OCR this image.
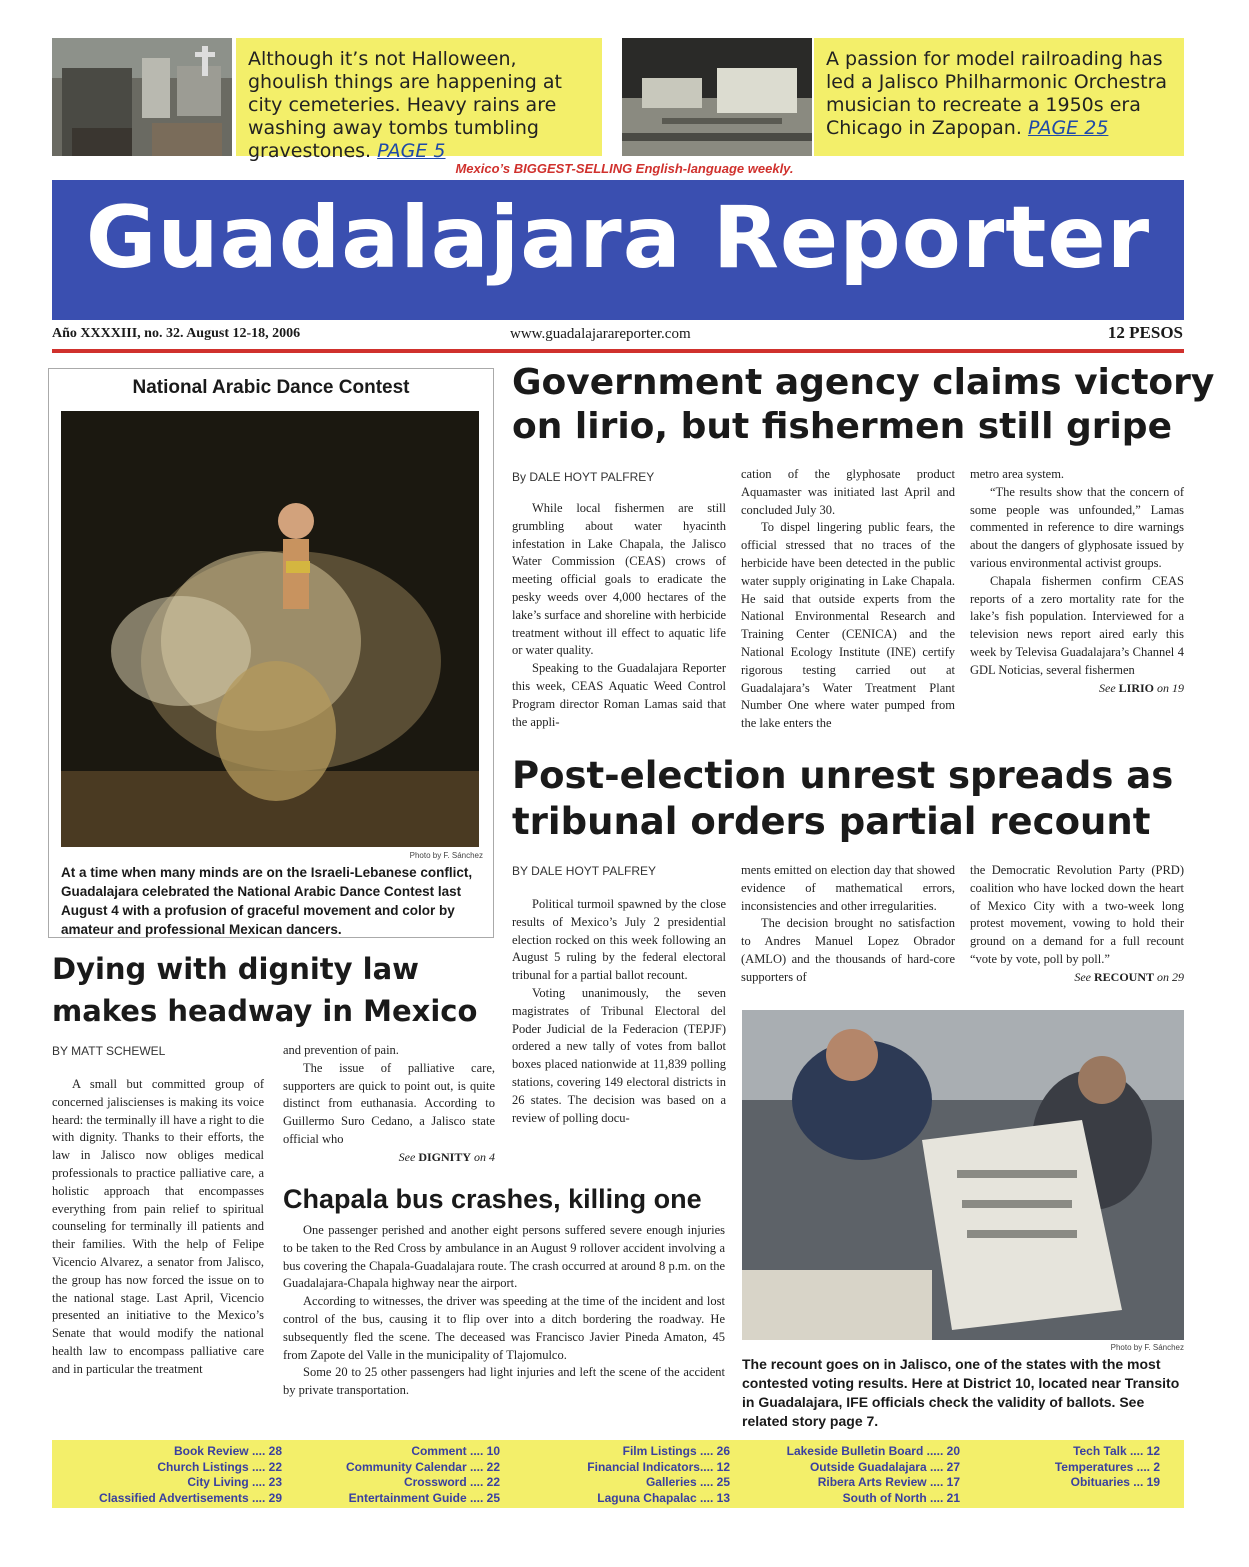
Although it’s not Halloween, ghoulish things are happening at city cemeteries. Heavy rains are washing away tombs tumbling gravestones. PAGE 5
A passion for model railroading has led a Jalisco Philharmonic Orchestra musician to recreate a 1950s era Chicago in Zapopan. PAGE 25
Mexico’s BIGGEST-SELLING English-language weekly.
Guadalajara Reporter
Año XXXXIII, no. 32. August 12-18, 2006	www.guadalajarareporter.com	12 PESOS
National Arabic Dance Contest
Photo by F. Sánchez
At a time when many minds are on the Israeli-Lebanese conflict, Guadalajara celebrated the National Arabic Dance Contest last August 4 with a profusion of graceful movement and color by amateur and professional Mexican dancers.
Government agency claims victory
on lirio, but fishermen still gripe
By DALE HOYT PALFREY

While local fishermen are still grumbling about water hyacinth infestation in Lake Chapala, the Jalisco Water Commission (CEAS) crows of meeting official goals to eradicate the pesky weeds over 4,000 hectares of the lake’s surface and shoreline with herbicide treatment without ill effect to aquatic life or water quality.

Speaking to the Guadalajara Reporter this week, CEAS Aquatic Weed Control Program director Roman Lamas said that the appli-

cation of the glyphosate product Aquamaster was initiated last April and concluded July 30.

To dispel lingering public fears, the official stressed that no traces of the herbicide have been detected in the public water supply originating in Lake Chapala. He said that outside experts from the National Environmental Research and Training Center (CENICA) and the National Ecology Institute (INE) certify rigorous testing carried out at Guadalajara’s Water Treatment Plant Number One where water pumped from the lake enters the

metro area system.

“The results show that the concern of some people was unfounded,” Lamas commented in reference to dire warnings about the dangers of glyphosate issued by various environmental activist groups.

Chapala fishermen confirm CEAS reports of a zero mortality rate for the lake’s fish population. Interviewed for a television news report aired early this week by Televisa Guadalajara’s Channel 4 GDL Noticias, several fishermen

See LIRIO on 19
Post-election unrest spreads as
tribunal orders partial recount
BY DALE HOYT PALFREY

Political turmoil spawned by the close results of Mexico’s July 2 presidential election rocked on this week following an August 5 ruling by the federal electoral tribunal for a partial ballot recount.

Voting unanimously, the seven magistrates of Tribunal Electoral del Poder Judicial de la Federacion (TEPJF) ordered a new tally of votes from ballot boxes placed nationwide at 11,839 polling stations, covering 149 electoral districts in 26 states. The decision was based on a review of polling docu-

ments emitted on election day that showed evidence of mathematical errors, inconsistencies and other irregularities.

The decision brought no satisfaction to Andres Manuel Lopez Obrador (AMLO) and the thousands of hard-core supporters of

the Democratic Revolution Party (PRD) coalition who have locked down the heart of Mexico City with a two-week long protest movement, vowing to hold their ground on a demand for a full recount “vote by vote, poll by poll.”

See RECOUNT on 29
Photo by F. Sánchez
The recount goes on in Jalisco, one of the states with the most contested voting results. Here at District 10, located near Transito in Guadalajara, IFE officials check the validity of ballots. See related story page 7.
Dying with dignity law
makes headway in Mexico
BY MATT SCHEWEL

A small but committed group of concerned jaliscienses is making its voice heard: the terminally ill have a right to die with dignity. Thanks to their efforts, the law in Jalisco now obliges medical professionals to practice palliative care, a holistic approach that encompasses everything from pain relief to spiritual counseling for terminally ill patients and their families. With the help of Felipe Vicencio Alvarez, a senator from Jalisco, the group has now forced the issue on to the national stage. Last April, Vicencio presented an initiative to the Mexico’s Senate that would modify the national health law to encompass palliative care and in particular the treatment

and prevention of pain.

The issue of palliative care, supporters are quick to point out, is quite distinct from euthanasia. According to Guillermo Suro Cedano, a Jalisco state official who

See DIGNITY on 4
Chapala bus crashes, killing one

One passenger perished and another eight persons suffered severe enough injuries to be taken to the Red Cross by ambulance in an August 9 rollover accident involving a bus covering the Chapala-Guadalajara route. The crash occurred at around 8 p.m. on the Guadalajara-Chapala highway near the airport.

According to witnesses, the driver was speeding at the time of the incident and lost control of the bus, causing it to flip over into a ditch bordering the roadway. He subsequently fled the scene. The deceased was Francisco Javier Pineda Amaton, 45 from Zapote del Valle in the municipality of Tlajomulco.

Some 20 to 25 other passengers had light injuries and left the scene of the accident by private transportation.

Book Review .... 28
Church Listings .... 22
City Living .... 23
Classified Advertisements .... 29
Comment .... 10
Community Calendar .... 22
Crossword .... 22
Entertainment Guide .... 25
Film Listings .... 26
Financial Indicators.... 12
Galleries .... 25
Laguna Chapalac .... 13
Lakeside Bulletin Board ..... 20
Outside Guadalajara .... 27
Ribera Arts Review .... 17
South of North .... 21
Tech Talk .... 12
Temperatures .... 2
Obituaries ... 19
